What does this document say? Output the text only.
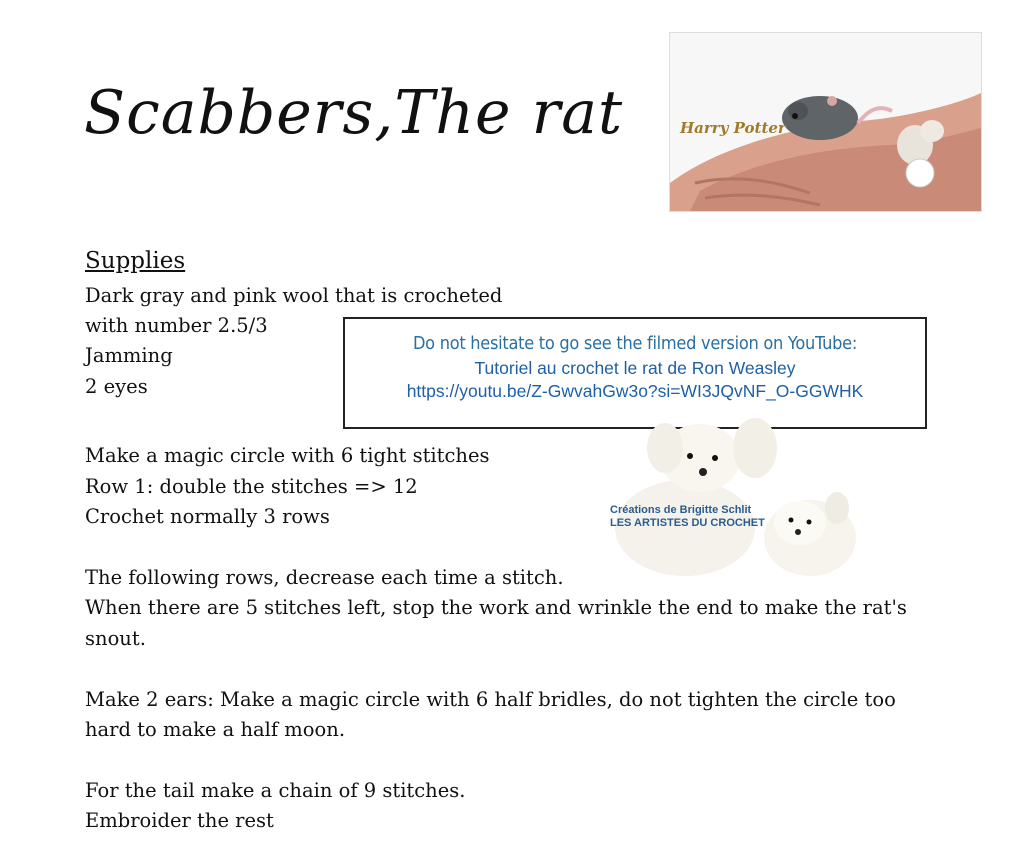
Scabbers,The rat	Harry Potter
Supplies
Dark gray and pink wool that is crocheted
with number 2.5/3
Jamming
2 eyes
Do not hesitate to go see the filmed version on YouTube:
Tutoriel au crochet le rat de Ron Weasley
https://youtu.be/Z-GwvahGw3o?si=WI3JQvNF_O-GGWHK
Créations de Brigitte Schlit
LES ARTISTES DU CROCHET
Make a magic circle with 6 tight stitches
Row 1: double the stitches => 12
Crochet normally 3 rows
The following rows, decrease each time a stitch.
When there are 5 stitches left, stop the work and wrinkle the end to make the rat's
snout.
Make 2 ears: Make a magic circle with 6 half bridles, do not tighten the circle too
hard to make a half moon.
For the tail make a chain of 9 stitches.
Embroider the rest
